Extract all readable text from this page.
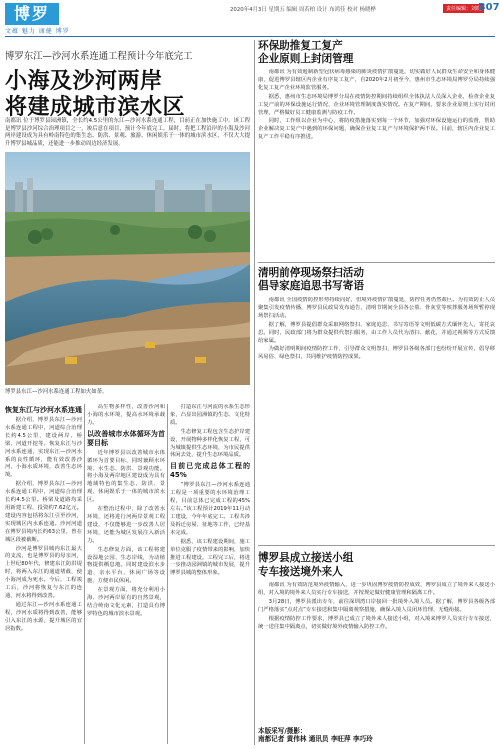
博罗
文蕴 魅力 康健 博罗
2020年4月3日 星期五 编辑 周若柏 设计 布鸿佳 校对 杨晓桦	责任编辑：刘晓
B07
博罗东江—沙河水系连通工程预计今年底完工
小海及沙河两岸
将建成城市滨水区
南都讯 位于博罗县园洲镇，全长约4.5公里的东江—沙河水系连通工程，目前正在加快施工中。该工程是博罗县沙河综合治理项目之一，竣后意在项目，预计今年底完工。届时，将把工程沿岸的小海及沙河两岸建设成为具有岭南特色的集生态、防洪、景观、旅游、休闲娱乐于一体的城市滨水区，不仅大大提升博罗县城品质，还能进一步推动周边经济发展。
博罗县东江—沙河水系连通工程如火如荼。
恢复东江与沙河水系连通

据介绍，博罗县东江—沙河水系连通工程中，河道综合治理长约4.5公里，建设两岸、桥梁、河道开挖等。恢复东江与沙河水系连通，实现东江—沙河水系的良性循环，能有效改善沙河、小海水质环境，改善生态环境。

据介绍，博罗县东江—沙河水系连通工程中，河道综合治理长约4.5公里。桥梁及道路均采用新建工程，投资约7.62亿元。建设内容包括将东江引至沙河，实现城区内水系连通。沙河河道在博罗县境内长约63公里，曾在城区段被截断。

沙河是博罗县城内东江最大的支流，也是博罗县的母亲河，上世纪80年代，修建东江防洪堤时，将两入东江的通道堵截，使小海河成为死水。今后，工程竣工后，沙河将恢复与东江的连通，河水将得到改善。

通过东江—沙河水系连通工程，沙河水质将得到改善，能够引入东江的水源，提升城区的宜居指数。

高生物多样性，改善沙河和小海的水环境，提高水环境承载力。

以改善城市水体循环为首要目标

近年博罗县以改善城市水体循环为首要目标，同时兼顾水环境、水生态、防洪、景观功能。将小海及两岸地区建设成为具有地域特色的集生态、防洪、景观、休闲娱乐于一体的城市滨水区。

在整治过程中，除了改善水环境，还将进行河两岸景观工程建设，不仅能够进一步改善人居环境，还能为城区发展注入新活力。

生态修复方面，该工程将建设湿地公园、生态岸线，为动植物提供栖息地。同时建设滨水步道、亲水平台、休闲广场等设施，方便市民休闲。

在景观方面，将充分利用小海、沙河两岸原有的自然景观，结合岭南文化元素，打造具有博罗特色的城市滨水景观。

打造东江与河流的水系生态形象，凸显出园洲镇的生态、文化特质。

生态修复工程包含生态护岸建设，开展物种多样化恢复工程，可为城镇提供生态环境，为市民提供休闲去处，提升生态环境品质。

目前已完成总体工程的45%

“博罗县东江—沙河水系连通工程是一项重要的水环境治理工程，目前总体已完成工程的45%左右。”该工程预计2019年11月动工建设，今年年底完工。工程共涉及拆迁房屋、征地等工作，已经基本完成。

据悉，该工程建设期间，施工单位克服了疫情带来的影响，加快推进工程建设。工程完工后，将进一步推动园洲镇的城市发展，提升博罗县城的整体形象。

环保助推复工复产
企业原则上封闭管理

南都讯 为有效遏制新型冠状病毒感染的肺炎疫情扩散蔓延，切实做好人民群众生命安全和身体健康，促进博罗县辖区内企业有序复工复产，自2020年2月初至今，惠州市生态环境局博罗分局持续强化复工复产企业环境监管服务。

据悉，惠州市生态环境局博罗分局在疫情防控期间持续组织全体执法人员深入企业，检查企业复工复产前的环保设施运行情况、企业环境管理制度落实情况。在复产期间，要求企业原则上实行封闭管理，严格做好员工健康监测与防疫工作。

同时，工作组以企业为中心，将防疫措施落实到每一个环节，加强对环保设施运行的监督，帮助企业解决复工复产中遇到的环保问题，确保企业复工复产与环境保护两不误。目前，辖区内企业复工复产工作平稳有序推进。

清明前停现场祭扫活动
倡导家庭追思书写寄语

南都讯 全国疫情防控形势持续向好，但境外疫情扩散蔓延，防控任务仍然艰巨。为有效防止人员聚集引发疫情传播，博罗县民政局发布通告，清明节期间全县各公墓、骨灰堂等殡葬服务场所暂停现场祭扫活动。

据了解，博罗县提倡群众采取网络祭扫、家庭追思、书写寄语等文明低碳方式缅怀先人，寄托哀思。同时，民政部门将为群众提供代祭扫服务，由工作人员代为清扫、献花，并通过视频等方式反馈给家属。

为做好清明期间疫情防控工作，引导群众文明祭扫，博罗县各级各部门也纷纷开展宣传，倡导移风易俗、绿色祭扫，共同维护疫情防控成果。

博罗县成立接送小组
专车接送境外来人

南都讯 为有效防范境外疫情输入，进一步巩固博罗疫情防控成效，博罗县成立了境外来人接送小组，对入境的境外来人员实行专车接送，并按规定做好健康管理和隔离工作。

3月28日，博罗县派出专车，前往深圳湾口岸接回一批境外入境人员。据了解，博罗县各级各部门严格落实“点对点”专车接送和集中隔离观察措施，确保入境人员闭环管理、无缝衔接。

根据疫情防控工作要求，博罗县已成立了境外来人接送小组，对入境来博罗人员实行专车接送，统一送往集中隔离点，切实做好境外疫情输入防控工作。

本版采写/摄影：
南都记者 黄伟林 通讯员 李旺萍 李巧玲
